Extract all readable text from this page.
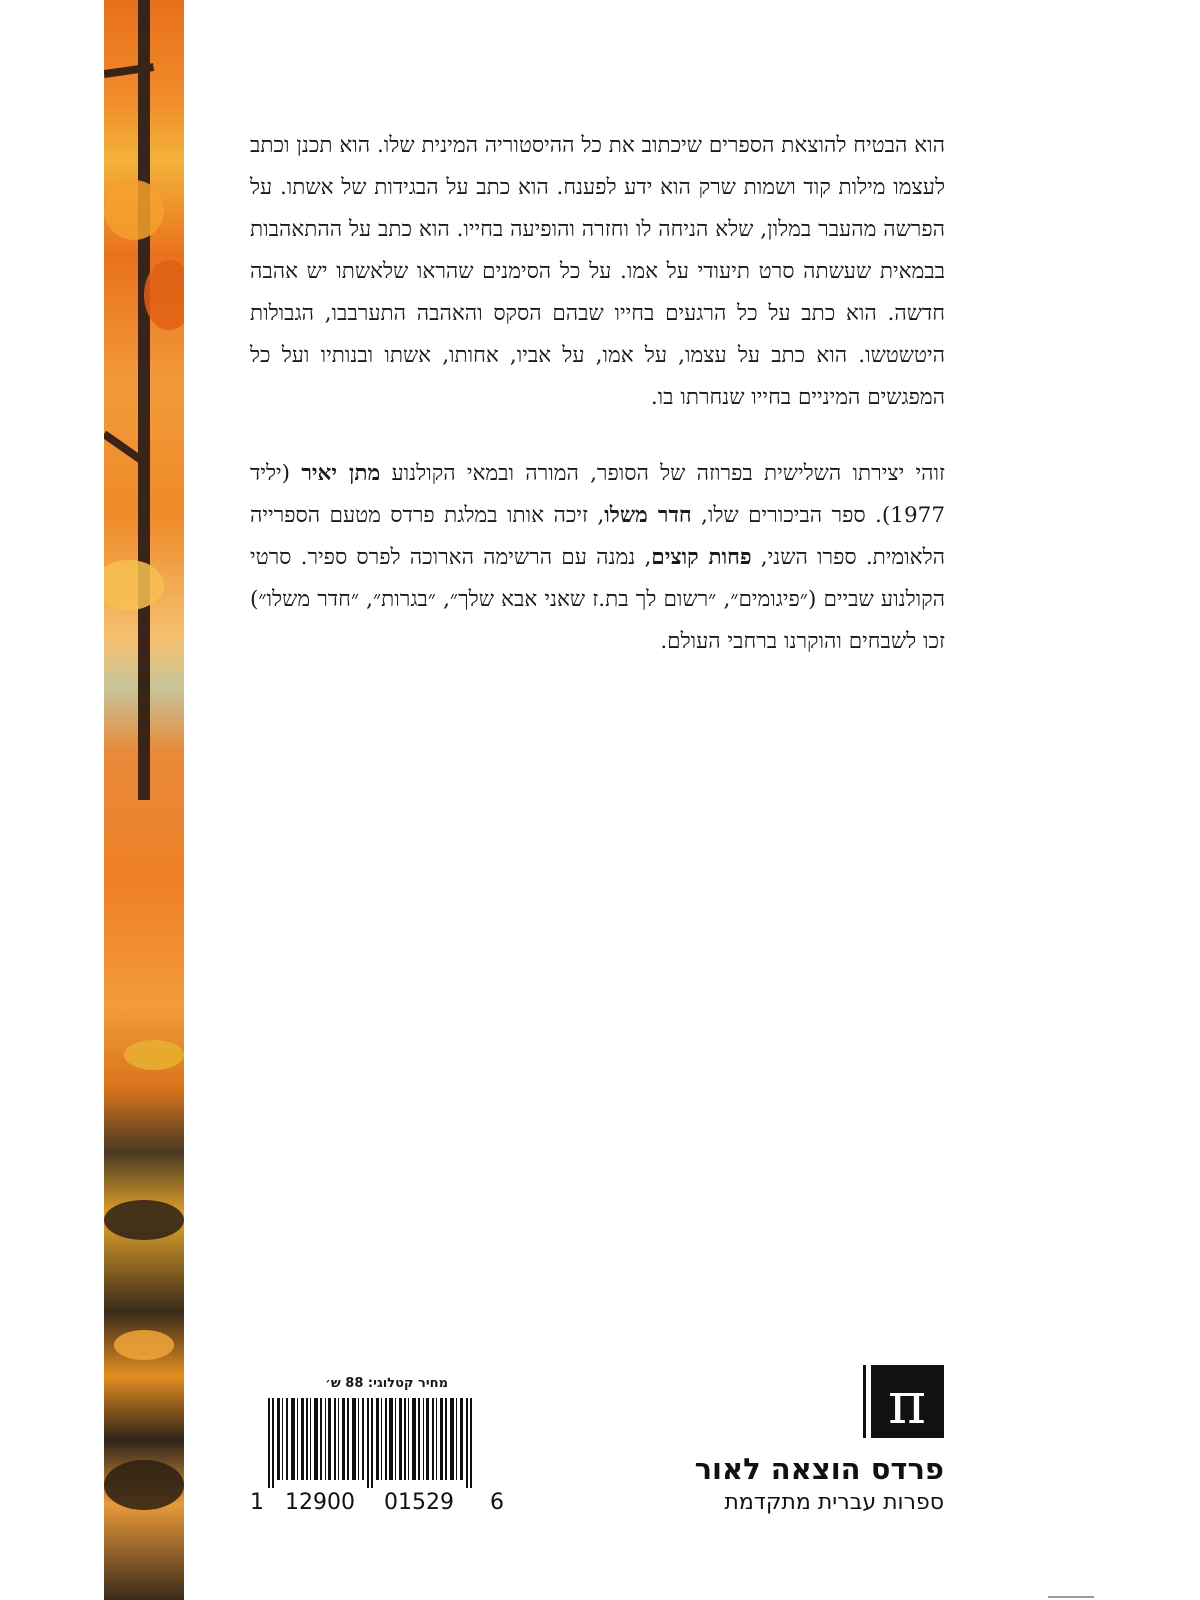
הוא הבטיח להוצאת הספרים שיכתוב את כל ההיסטוריה המינית שלו. הוא תכנן וכתב לעצמו מילות קוד ושמות שרק הוא ידע לפענח. הוא כתב על הבגידות של אשתו. על הפרשה מהעבר במלון, שלא הניחה לו וחזרה והופיעה בחייו. הוא כתב על ההתאהבות בבמאית שעשתה סרט תיעודי על אמו. על כל הסימנים שהראו שלאשתו יש אהבה חדשה. הוא כתב על כל הרגעים בחייו שבהם הסקס והאהבה התערבבו, הגבולות היטשטשו. הוא כתב על עצמו, על אמו, על אביו, אחותו, אשתו ובנותיו ועל כל המפגשים המיניים בחייו שנחרתו בו.

זוהי יצירתו השלישית בפרוזה של הסופר, המורה ובמאי הקולנוע מתן יאיר (יליד 1977). ספר הביכורים שלו, חדר משלו, זיכה אותו במלגת פרדס מטעם הספרייה הלאומית. ספרו השני, פחות קוצים, נמנה עם הרשימה הארוכה לפרס ספיר. סרטי הקולנוע שביים (״פיגומים״, ״רשום לך בת.ז שאני אבא שלך״, ״בגרות״, ״חדר משלו״) זכו לשבחים והוקרנו ברחבי העולם.

מחיר קטלוגי: 88 ש׳
1 12900 01529 6
π
פרדס הוצאה לאור
ספרות עברית מתקדמת
